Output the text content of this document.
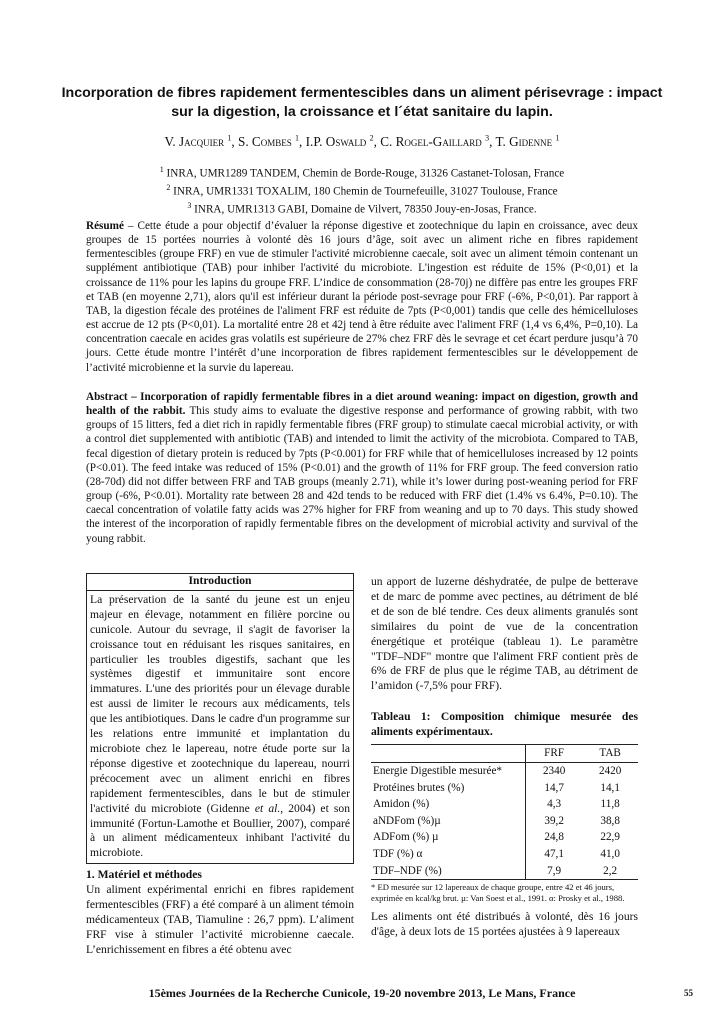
Incorporation de fibres rapidement fermentescibles dans un aliment périsevrage : impact sur la digestion, la croissance et l´état sanitaire du lapin.
V. Jacquier $^1$, S. Combes $^1$, I.P. Oswald $^2$, C. Rogel-Gaillard $^3$, T. Gidenne $^1$
$^1$ INRA, UMR1289 TANDEM, Chemin de Borde-Rouge, 31326 Castanet-Tolosan, France
$^2$ INRA, UMR1331 TOXALIM, 180 Chemin de Tournefeuille, 31027 Toulouse, France
$^3$ INRA, UMR1313 GABI, Domaine de Vilvert, 78350 Jouy-en-Josas, France.
Résumé – Cette étude a pour objectif d’évaluer la réponse digestive et zootechnique du lapin en croissance, avec deux groupes de 15 portées nourries à volonté dès 16 jours d’âge, soit avec un aliment riche en fibres rapidement fermentescibles (groupe FRF) en vue de stimuler l'activité microbienne caecale, soit avec un aliment témoin contenant un supplément antibiotique (TAB) pour inhiber l'activité du microbiote. L'ingestion est réduite de 15% (P<0,01) et la croissance de 11% pour les lapins du groupe FRF. L’indice de consommation (28-70j) ne diffère pas entre les groupes FRF et TAB (en moyenne 2,71), alors qu'il est inférieur durant la période post-sevrage pour FRF (-6%, P<0,01). Par rapport à TAB, la digestion fécale des protéines de l'aliment FRF est réduite de 7pts (P<0,001) tandis que celle des hémicelluloses est accrue de 12 pts (P<0,01). La mortalité entre 28 et 42j tend à être réduite avec l'aliment FRF (1,4 vs 6,4%, P=0,10). La concentration caecale en acides gras volatils est supérieure de 27% chez FRF dès le sevrage et cet écart perdure jusqu’à 70 jours. Cette étude montre l’intérêt d’une incorporation de fibres rapidement fermentescibles sur le développement de l’activité microbienne et la survie du lapereau.
Abstract – Incorporation of rapidly fermentable fibres in a diet around weaning: impact on digestion, growth and health of the rabbit. This study aims to evaluate the digestive response and performance of growing rabbit, with two groups of 15 litters, fed a diet rich in rapidly fermentable fibres (FRF group) to stimulate caecal microbial activity, or with a control diet supplemented with antibiotic (TAB) and intended to limit the activity of the microbiota. Compared to TAB, fecal digestion of dietary protein is reduced by 7pts (P<0.001) for FRF while that of hemicelluloses increased by 12 points (P<0.01). The feed intake was reduced of 15% (P<0.01) and the growth of 11% for FRF group. The feed conversion ratio (28-70d) did not differ between FRF and TAB groups (meanly 2.71), while it’s lower during post-weaning period for FRF group (-6%, P<0.01). Mortality rate between 28 and 42d tends to be reduced with FRF diet (1.4% vs 6.4%, P=0.10). The caecal concentration of volatile fatty acids was 27% higher for FRF from weaning and up to 70 days. This study showed the interest of the incorporation of rapidly fermentable fibres on the development of microbial activity and survival of the young rabbit.
Introduction
La préservation de la santé du jeune est un enjeu majeur en élevage, notamment en filière porcine ou cunicole. Autour du sevrage, il s'agit de favoriser la croissance tout en réduisant les risques sanitaires, en particulier les troubles digestifs, sachant que les systèmes digestif et immunitaire sont encore immatures. L'une des priorités pour un élevage durable est aussi de limiter le recours aux médicaments, tels que les antibiotiques. Dans le cadre d'un programme sur les relations entre immunité et implantation du microbiote chez le lapereau, notre étude porte sur la réponse digestive et zootechnique du lapereau, nourri précocement avec un aliment enrichi en fibres rapidement fermentescibles, dans le but de stimuler l'activité du microbiote (Gidenne et al., 2004) et son immunité (Fortun-Lamothe et Boullier, 2007), comparé à un aliment médicamenteux inhibant l'activité du microbiote.
1. Matériel et méthodes
Un aliment expérimental enrichi en fibres rapidement fermentescibles (FRF) a été comparé à un aliment témoin médicamenteux (TAB, Tiamuline : 26,7 ppm). L’aliment FRF vise à stimuler l’activité microbienne caecale. L’enrichissement en fibres a été obtenu avec
un apport de luzerne déshydratée, de pulpe de betterave et de marc de pomme avec pectines, au détriment de blé et de son de blé tendre. Ces deux aliments granulés sont similaires du point de vue de la concentration énergétique et protéique (tableau 1). Le paramètre "TDF–NDF" montre que l'aliment FRF contient près de 6% de FRF de plus que le régime TAB, au détriment de l’amidon (-7,5% pour FRF).
Tableau 1: Composition chimique mesurée des aliments expérimentaux.
	FRF	TAB
Energie Digestible mesurée*	2340	2420
Protéines brutes (%)	14,7	14,1
Amidon (%)	4,3	11,8
aNDFom (%)µ	39,2	38,8
ADFom (%) µ	24,8	22,9
TDF (%) α	47,1	41,0
TDF–NDF (%)	7,9	2,2
* ED mesurée sur 12 lapereaux de chaque groupe, entre 42 et 46 jours, exprimée en kcal/kg brut. µ: Van Soest et al., 1991. α: Prosky et al., 1988.
Les aliments ont été distribués à volonté, dès 16 jours d'âge, à deux lots de 15 portées ajustées à 9 lapereaux
15èmes Journées de la Recherche Cunicole, 19-20 novembre 2013, Le Mans, France	55
